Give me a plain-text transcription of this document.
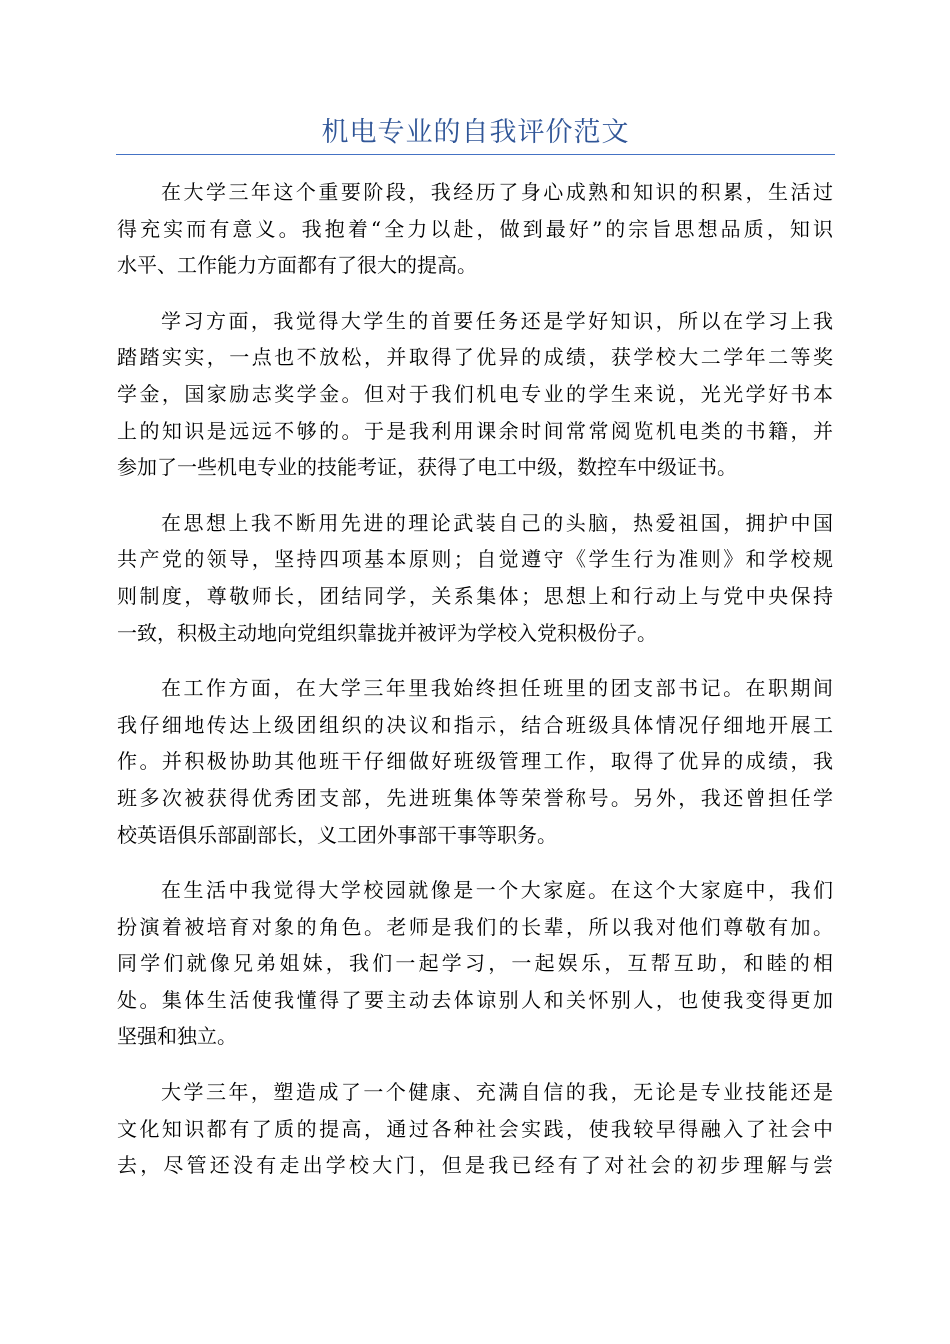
机电专业的自我评价范文
在大学三年这个重要阶段，我经历了身心成熟和知识的积累，生活过
得充实而有意义。我抱着“全力以赴，做到最好”的宗旨思想品质，知识
水平、工作能力方面都有了很大的提高。
学习方面，我觉得大学生的首要任务还是学好知识，所以在学习上我
踏踏实实，一点也不放松，并取得了优异的成绩，获学校大二学年二等奖
学金，国家励志奖学金。但对于我们机电专业的学生来说，光光学好书本
上的知识是远远不够的。于是我利用课余时间常常阅览机电类的书籍，并
参加了一些机电专业的技能考证，获得了电工中级，数控车中级证书。
在思想上我不断用先进的理论武装自己的头脑，热爱祖国，拥护中国
共产党的领导，坚持四项基本原则；自觉遵守《学生行为准则》和学校规
则制度，尊敬师长，团结同学，关系集体；思想上和行动上与党中央保持
一致，积极主动地向党组织靠拢并被评为学校入党积极份子。
在工作方面，在大学三年里我始终担任班里的团支部书记。在职期间
我仔细地传达上级团组织的决议和指示，结合班级具体情况仔细地开展工
作。并积极协助其他班干仔细做好班级管理工作，取得了优异的成绩，我
班多次被获得优秀团支部，先进班集体等荣誉称号。另外，我还曾担任学
校英语俱乐部副部长，义工团外事部干事等职务。
在生活中我觉得大学校园就像是一个大家庭。在这个大家庭中，我们
扮演着被培育对象的角色。老师是我们的长辈，所以我对他们尊敬有加。
同学们就像兄弟姐妹，我们一起学习，一起娱乐，互帮互助，和睦的相
处。集体生活使我懂得了要主动去体谅别人和关怀别人，也使我变得更加
坚强和独立。
大学三年，塑造成了一个健康、充满自信的我，无论是专业技能还是
文化知识都有了质的提高，通过各种社会实践，使我较早得融入了社会中
去，尽管还没有走出学校大门，但是我已经有了对社会的初步理解与尝
